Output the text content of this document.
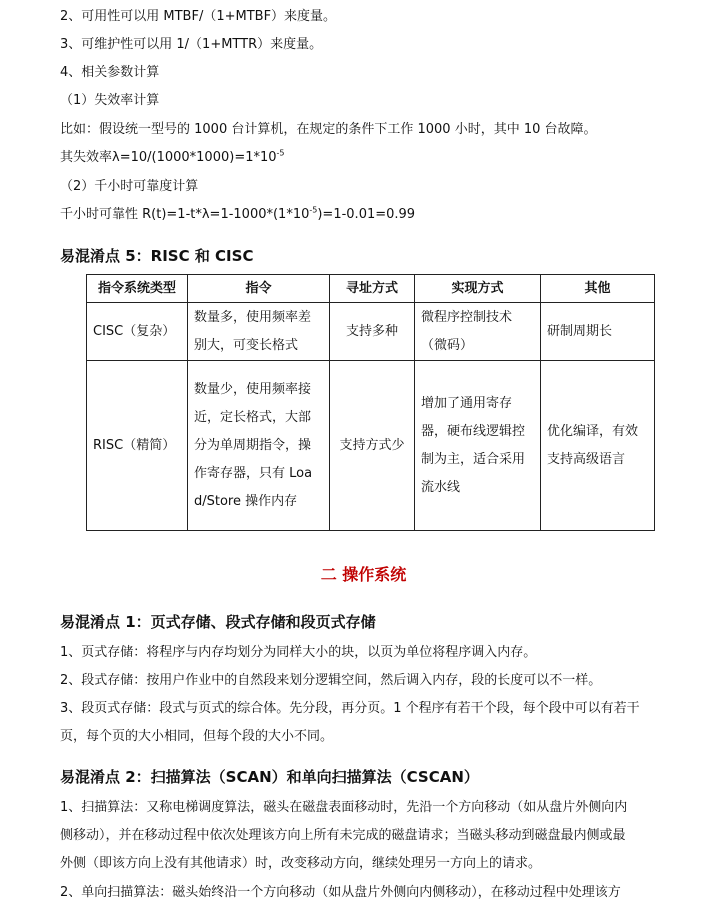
2、可用性可以用 MTBF/（1+MTBF）来度量。
3、可维护性可以用 1/（1+MTTR）来度量。
4、相关参数计算
（1）失效率计算
比如：假设统一型号的 1000 台计算机，在规定的条件下工作 1000 小时，其中 10 台故障。
其失效率$\lambda=10/(1000*1000)=1*10^{-5}$
（2）千小时可靠度计算
千小时可靠性 $R(t)=1-t*\lambda=1-1000*(1*10^{-5})=1-0.01=0.99$
易混淆点 5：RISC 和 CISC
指令系统类型	指令	寻址方式	实现方式	其他
CISC（复杂）	数量多，使用频率差别大，可变长格式	支持多种	微程序控制技术（微码）	研制周期长
RISC（精简）	数量少，使用频率接近，定长格式，大部分为单周期指令，操作寄存器，只有 Load/Store 操作内存	支持方式少	增加了通用寄存器，硬布线逻辑控制为主，适合采用流水线	优化编译，有效支持高级语言
二 操作系统
易混淆点 1：页式存储、段式存储和段页式存储
1、页式存储：将程序与内存均划分为同样大小的块，以页为单位将程序调入内存。
2、段式存储：按用户作业中的自然段来划分逻辑空间，然后调入内存，段的长度可以不一样。
3、段页式存储：段式与页式的综合体。先分段，再分页。1 个程序有若干个段，每个段中可以有若干
页，每个页的大小相同，但每个段的大小不同。
易混淆点 2：扫描算法（SCAN）和单向扫描算法（CSCAN）
1、扫描算法：又称电梯调度算法，磁头在磁盘表面移动时，先沿一个方向移动（如从盘片外侧向内
侧移动），并在移动过程中依次处理该方向上所有未完成的磁盘请求；当磁头移动到磁盘最内侧或最
外侧（即该方向上没有其他请求）时，改变移动方向，继续处理另一方向上的请求。
2、单向扫描算法：磁头始终沿一个方向移动（如从盘片外侧向内侧移动），在移动过程中处理该方
